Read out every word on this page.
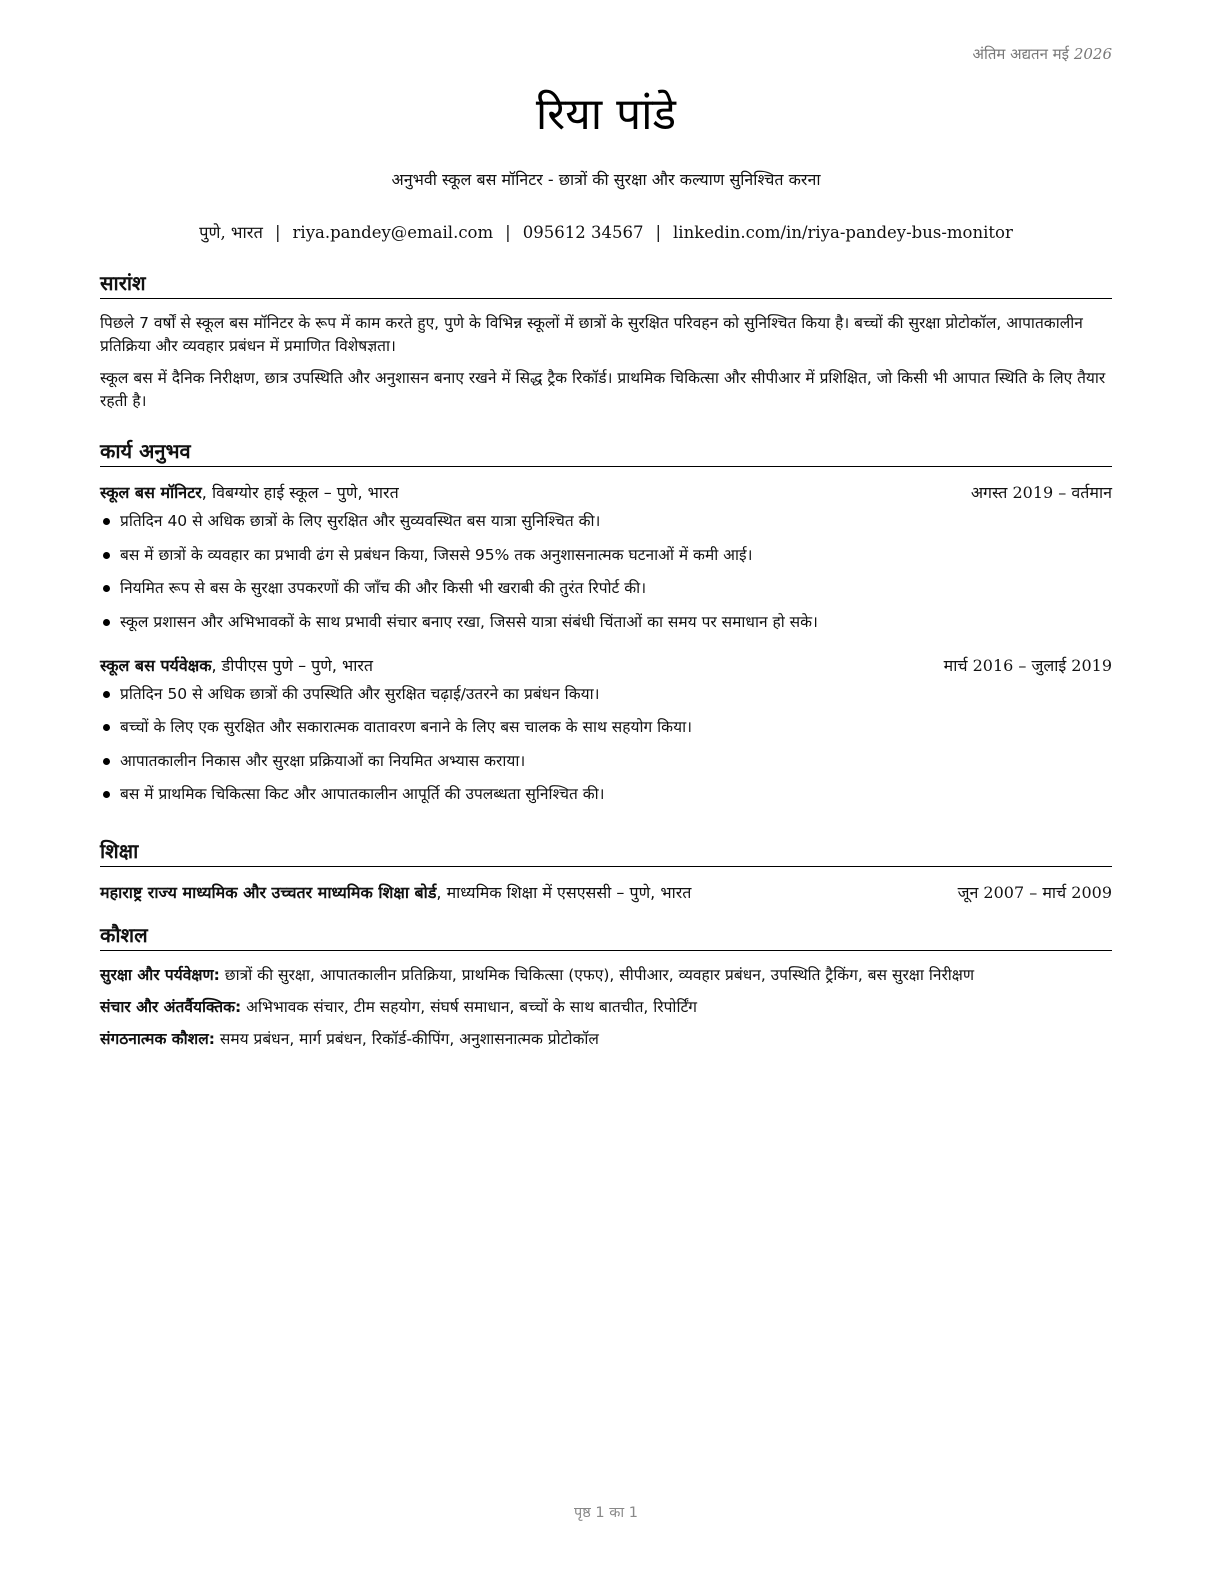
अंतिम अद्यतन मई 2026
रिया पांडे

अनुभवी स्कूल बस मॉनिटर - छात्रों की सुरक्षा और कल्याण सुनिश्चित करना

पुणे, भारत | riya.pandey@email.com | 095612 34567 | linkedin.com/in/riya-pandey-bus-monitor

सारांश

पिछले 7 वर्षों से स्कूल बस मॉनिटर के रूप में काम करते हुए, पुणे के विभिन्न स्कूलों में छात्रों के सुरक्षित परिवहन को सुनिश्चित किया है। बच्चों की सुरक्षा प्रोटोकॉल, आपातकालीन प्रतिक्रिया और व्यवहार प्रबंधन में प्रमाणित विशेषज्ञता।

स्कूल बस में दैनिक निरीक्षण, छात्र उपस्थिति और अनुशासन बनाए रखने में सिद्ध ट्रैक रिकॉर्ड। प्राथमिक चिकित्सा और सीपीआर में प्रशिक्षित, जो किसी भी आपात स्थिति के लिए तैयार रहती है।

कार्य अनुभव
स्कूल बस मॉनिटर, विबग्योर हाई स्कूल – पुणे, भारत	अगस्त 2019 – वर्तमान
प्रतिदिन 40 से अधिक छात्रों के लिए सुरक्षित और सुव्यवस्थित बस यात्रा सुनिश्चित की।
बस में छात्रों के व्यवहार का प्रभावी ढंग से प्रबंधन किया, जिससे 95% तक अनुशासनात्मक घटनाओं में कमी आई।
नियमित रूप से बस के सुरक्षा उपकरणों की जाँच की और किसी भी खराबी की तुरंत रिपोर्ट की।
स्कूल प्रशासन और अभिभावकों के साथ प्रभावी संचार बनाए रखा, जिससे यात्रा संबंधी चिंताओं का समय पर समाधान हो सके।
स्कूल बस पर्यवेक्षक, डीपीएस पुणे – पुणे, भारत	मार्च 2016 – जुलाई 2019
प्रतिदिन 50 से अधिक छात्रों की उपस्थिति और सुरक्षित चढ़ाई/उतरने का प्रबंधन किया।
बच्चों के लिए एक सुरक्षित और सकारात्मक वातावरण बनाने के लिए बस चालक के साथ सहयोग किया।
आपातकालीन निकास और सुरक्षा प्रक्रियाओं का नियमित अभ्यास कराया।
बस में प्राथमिक चिकित्सा किट और आपातकालीन आपूर्ति की उपलब्धता सुनिश्चित की।
शिक्षा
महाराष्ट्र राज्य माध्यमिक और उच्चतर माध्यमिक शिक्षा बोर्ड, माध्यमिक शिक्षा में एसएससी – पुणे, भारत	जून 2007 – मार्च 2009
कौशल

सुरक्षा और पर्यवेक्षण: छात्रों की सुरक्षा, आपातकालीन प्रतिक्रिया, प्राथमिक चिकित्सा (एफए), सीपीआर, व्यवहार प्रबंधन, उपस्थिति ट्रैकिंग, बस सुरक्षा निरीक्षण

संचार और अंतर्वैयक्तिक: अभिभावक संचार, टीम सहयोग, संघर्ष समाधान, बच्चों के साथ बातचीत, रिपोर्टिंग

संगठनात्मक कौशल: समय प्रबंधन, मार्ग प्रबंधन, रिकॉर्ड-कीपिंग, अनुशासनात्मक प्रोटोकॉल

पृष्ठ 1 का 1
